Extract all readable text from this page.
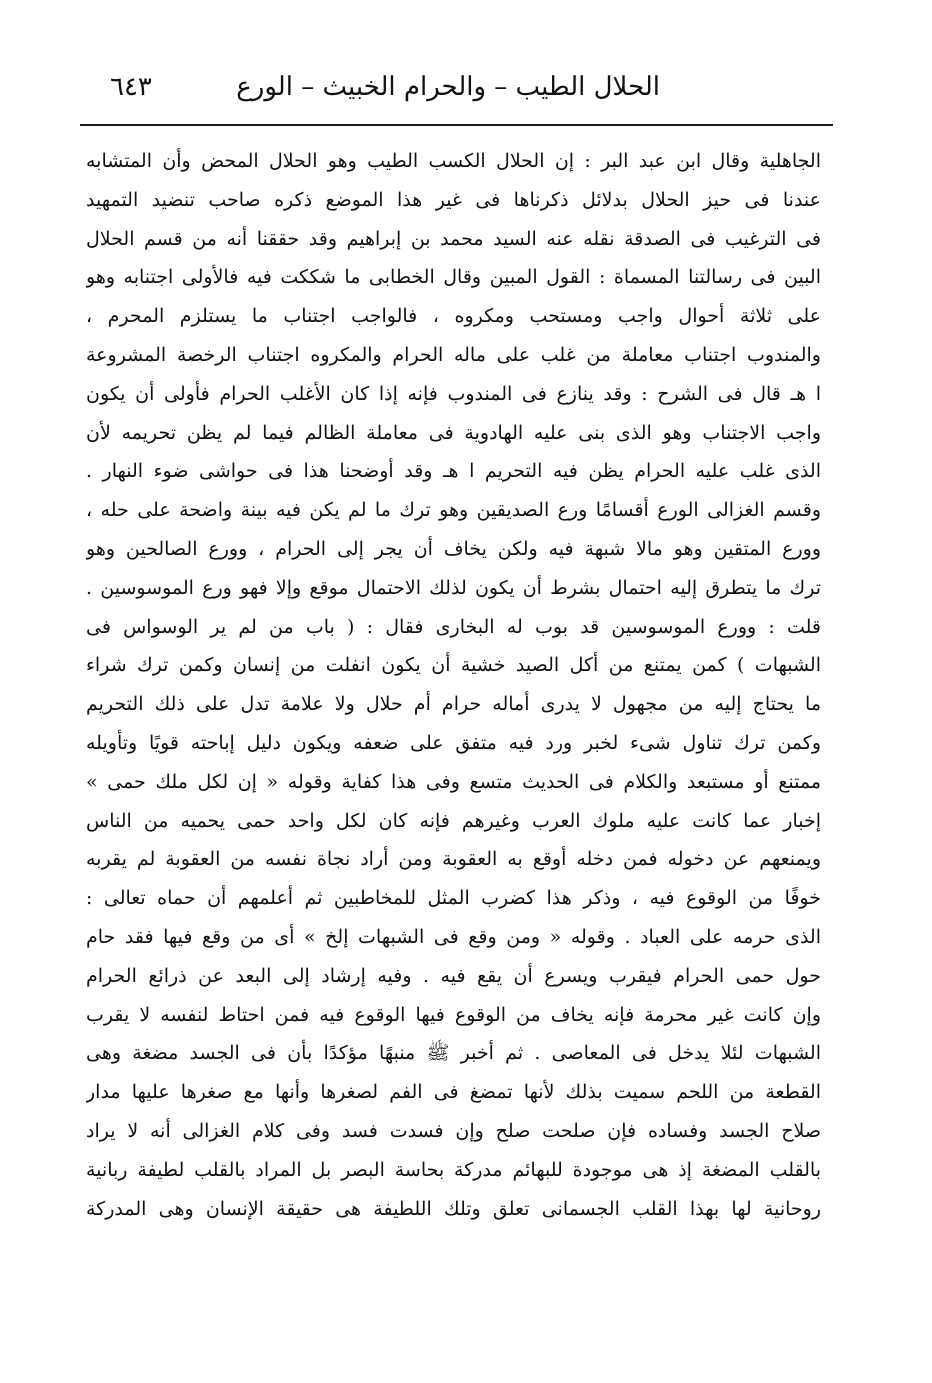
الحلال الطيب – والحرام الخبيث – الورع
٦٤٣
الجاهلية وقال ابن عبد البر : إن الحلال الكسب الطيب وهو الحلال المحض وأن المتشابه
عندنا فى حيز الحلال بدلائل ذكرناها فى غير هذا الموضع ذكره صاحب تنضيد التمهيد
فى الترغيب فى الصدقة نقله عنه السيد محمد بن إبراهيم وقد حققنا أنه من قسم الحلال
البين فى رسالتنا المسماة : القول المبين وقال الخطابى ما شككت فيه فالأولى اجتنابه وهو
على ثلاثة أحوال واجب ومستحب ومكروه ، فالواجب اجتناب ما يستلزم المحرم ،
والمندوب اجتناب معاملة من غلب على ماله الحرام والمكروه اجتناب الرخصة المشروعة
ا هـ قال فى الشرح : وقد ينازع فى المندوب فإنه إذا كان الأغلب الحرام فأولى أن يكون
واجب الاجتناب وهو الذى بنى عليه الهادوية فى معاملة الظالم فيما لم يظن تحريمه لأن
الذى غلب عليه الحرام يظن فيه التحريم ا هـ وقد أوضحنا هذا فى حواشى ضوء النهار .
وقسم الغزالى الورع أقسامًا ورع الصديقين وهو ترك ما لم يكن فيه بينة واضحة على حله ،
وورع المتقين وهو مالا شبهة فيه ولكن يخاف أن يجر إلى الحرام ، وورع الصالحين وهو
ترك ما يتطرق إليه احتمال بشرط أن يكون لذلك الاحتمال موقع وإلا فهو ورع الموسوسين .
قلت : وورع الموسوسين قد بوب له البخارى فقال : ( باب من لم ير الوسواس فى
الشبهات ) كمن يمتنع من أكل الصيد خشية أن يكون انفلت من إنسان وكمن ترك شراء
ما يحتاج إليه من مجهول لا يدرى أماله حرام أم حلال ولا علامة تدل على ذلك التحريم
وكمن ترك تناول شىء لخبر ورد فيه متفق على ضعفه ويكون دليل إباحته قويًا وتأويله
ممتنع أو مستبعد والكلام فى الحديث متسع وفى هذا كفاية وقوله « إن لكل ملك حمى »
إخبار عما كانت عليه ملوك العرب وغيرهم فإنه كان لكل واحد حمى يحميه من الناس
ويمنعهم عن دخوله فمن دخله أوقع به العقوبة ومن أراد نجاة نفسه من العقوبة لم يقربه
خوفًا من الوقوع فيه ، وذكر هذا كضرب المثل للمخاطبين ثم أعلمهم أن حماه تعالى :
الذى حرمه على العباد . وقوله « ومن وقع فى الشبهات إلخ » أى من وقع فيها فقد حام
حول حمى الحرام فيقرب ويسرع أن يقع فيه . وفيه إرشاد إلى البعد عن ذرائع الحرام
وإن كانت غير محرمة فإنه يخاف من الوقوع فيها الوقوع فيه فمن احتاط لنفسه لا يقرب
الشبهات لئلا يدخل فى المعاصى . ثم أخبر ﷺ منبهًا مؤكدًا بأن فى الجسد مضغة وهى
القطعة من اللحم سميت بذلك لأنها تمضغ فى الفم لصغرها وأنها مع صغرها عليها مدار
صلاح الجسد وفساده فإن صلحت صلح وإن فسدت فسد وفى كلام الغزالى أنه لا يراد
بالقلب المضغة إذ هى موجودة للبهائم مدركة بحاسة البصر بل المراد بالقلب لطيفة ربانية
روحانية لها بهذا القلب الجسمانى تعلق وتلك اللطيفة هى حقيقة الإنسان وهى المدركة
